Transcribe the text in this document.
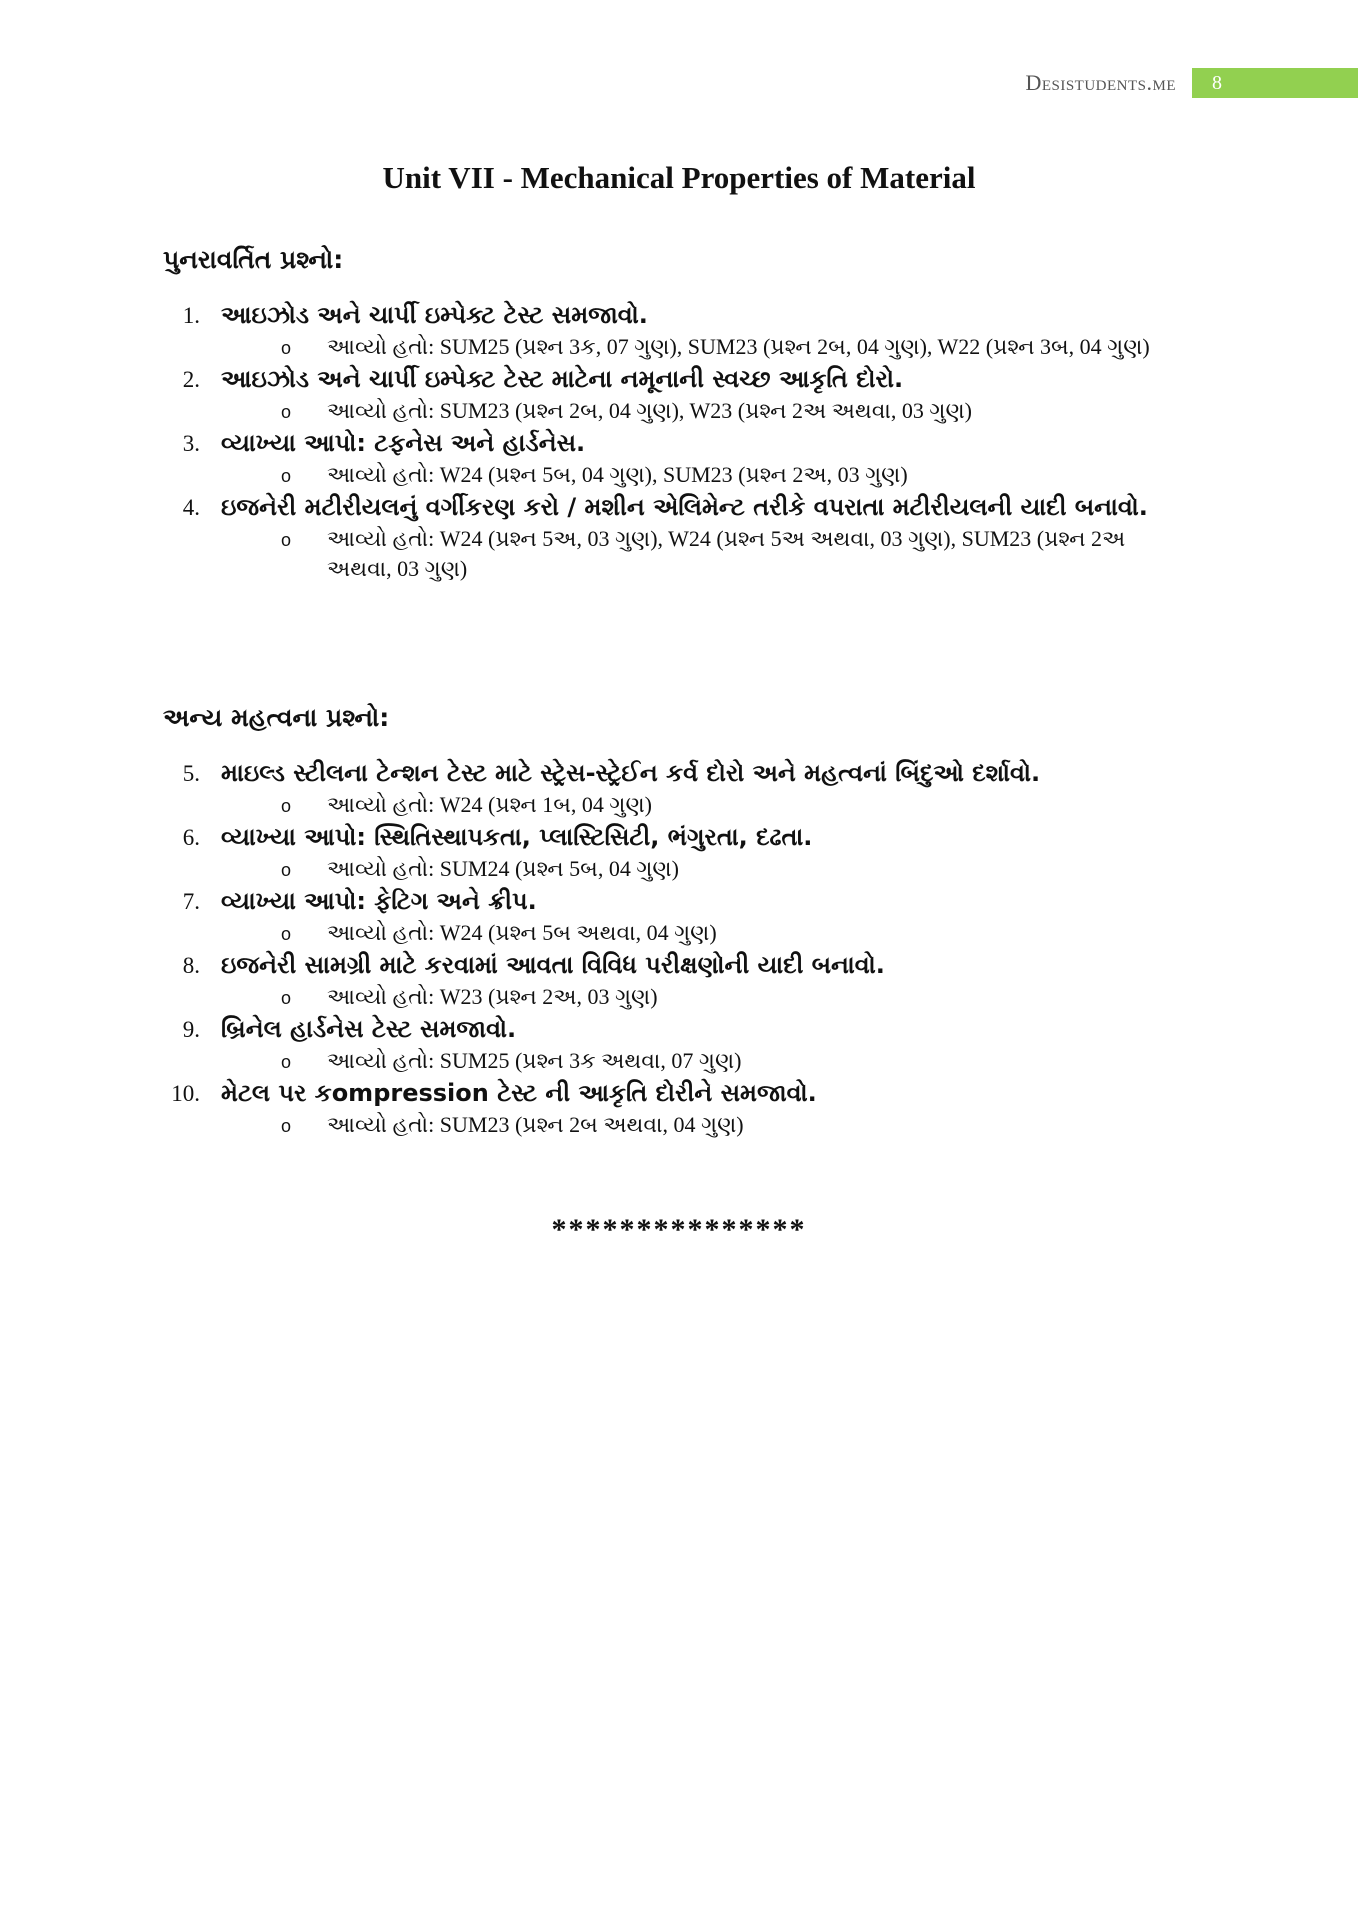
Desistudents.me 8
Unit VII - Mechanical Properties of Material
પુનરાવર્તિત પ્રશ્નો:
1. આઇઝોડ અને ચાર્પી ઇમ્પેક્ટ ટેસ્ટ સમજાવો.
o	આવ્યો હતો: SUM25 (પ્રશ્ન 3ક, 07 ગુણ), SUM23 (પ્રશ્ન 2બ, 04 ગુણ), W22 (પ્રશ્ન 3બ, 04 ગુણ)
2. આઇઝોડ અને ચાર્પી ઇમ્પેક્ટ ટેસ્ટ માટેના નમૂનાની સ્વચ્છ આકૃતિ દોરો.
o	આવ્યો હતો: SUM23 (પ્રશ્ન 2બ, 04 ગુણ), W23 (પ્રશ્ન 2અ અથવા, 03 ગુણ)
3. વ્યાખ્યા આપો: ટફનેસ અને હાર્ડનેસ.
o	આવ્યો હતો: W24 (પ્રશ્ન 5બ, 04 ગુણ), SUM23 (પ્રશ્ન 2અ, 03 ગુણ)
4. ઇજનેરી મટીરીયલનું વર્ગીકરણ કરો / મશીન એલિમેન્ટ તરીકે વપરાતા મટીરીયલની યાદી બનાવો.
o	આવ્યો હતો: W24 (પ્રશ્ન 5અ, 03 ગુણ), W24 (પ્રશ્ન 5અ અથવા, 03 ગુણ), SUM23 (પ્રશ્ન 2અ અથવા, 03 ગુણ)
અન્ય મહત્વના પ્રશ્નો:
5. માઇલ્ડ સ્ટીલના ટેન્શન ટેસ્ટ માટે સ્ટ્રેસ-સ્ટ્રેઈન કર્વ દોરો અને મહત્વનાં બિંદુઓ દર્શાવો.
o	આવ્યો હતો: W24 (પ્રશ્ન 1બ, 04 ગુણ)
6. વ્યાખ્યા આપો: સ્થિતિસ્થાપકતા, પ્લાસ્ટિસિટી, ભંગુરતા, દઢતા.
o	આવ્યો હતો: SUM24 (પ્રશ્ન 5બ, 04 ગુણ)
7. વ્યાખ્યા આપો: ફેટિગ અને ક્રીપ.
o	આવ્યો હતો: W24 (પ્રશ્ન 5બ અથવા, 04 ગુણ)
8. ઇજનેરી સામગ્રી માટે કરવામાં આવતા વિવિધ પરીક્ષણોની યાદી બનાવો.
o	આવ્યો હતો: W23 (પ્રશ્ન 2અ, 03 ગુણ)
9. બ્રિનેલ હાર્ડનેસ ટેસ્ટ સમજાવો.
o	આવ્યો હતો: SUM25 (પ્રશ્ન 3ક અથવા, 07 ગુણ)
10. મેટલ પર કompression ટેસ્ટ ની આકૃતિ દોરીને સમજાવો.
o	આવ્યો હતો: SUM23 (પ્રશ્ન 2બ અથવા, 04 ગુણ)
***************
